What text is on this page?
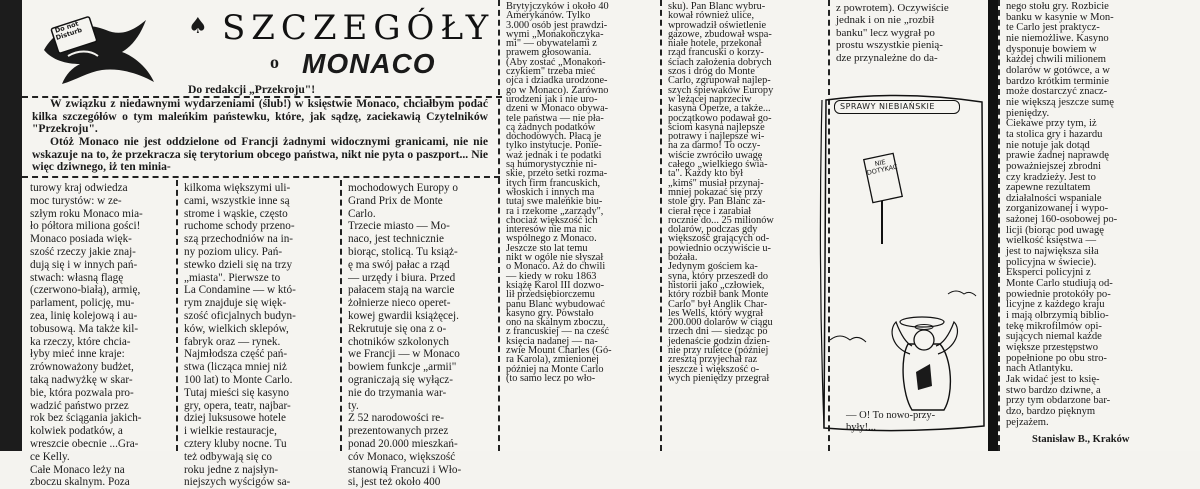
Do not Disturb	♠ SZCZEGÓŁY
o MONACO
Do redakcji „Przekroju"!
W związku z niedawnymi wydarzeniami (ślub!) w księstwie Monaco, chciałbym podać kilka szczegółów o tym maleńkim państewku, które, jak sądzę, zaciekawią Czytelników "Przekroju".
Otóż Monaco nie jest oddzielone od Francji żadnymi widocznymi granicami, nie nie wskazuje na to, że przekracza się terytorium obcego państwa, nikt nie pyta o paszport... Nie więc dziwnego, iż ten minia-
turowy kraj odwiedza
moc turystów: w ze-
szłym roku Monaco mia-
ło półtora miliona gości!
Monaco posiada więk-
szość rzeczy jakie znaj-
dują się i w innych pań-
stwach: własną flagę
(czerwono-białą), armię,
parlament, policję, mu-
zea, linię kolejową i au-
tobusową. Ma także kil-
ka rzeczy, które chcia-
łyby mieć inne kraje:
zrównoważony budżet,
taką nadwyżkę w skar-
bie, która pozwala pro-
wadzić państwo przez
rok bez ściągania jakich-
kolwiek podatków, a
wreszcie obecnie ...Gra-
ce Kelly.
Całe Monaco leży na
zboczu skalnym. Poza
kilkoma większymi uli-
cami, wszystkie inne są
strome i wąskie, często
ruchome schody przeno-
szą przechodniów na in-
ny poziom ulicy. Pań-
stewko dzieli się na trzy
„miasta". Pierwsze to
La Condamine — w któ-
rym znajduje się więk-
szość oficjalnych budyn-
ków, wielkich sklepów,
fabryk oraz — rynek.
Najmłodsza część pań-
stwa (licząca mniej niż
100 lat) to Monte Carlo.
Tutaj mieści się kasyno
gry, opera, teatr, najbar-
dziej luksusowe hotele
i wielkie restauracje,
cztery kluby nocne. Tu
też odbywają się co
roku jedne z najsłyn-
niejszych wyścigów sa-
mochodowych Europy o
Grand Prix de Monte
Carlo.
Trzecie miasto — Mo-
naco, jest technicznie
biorąc, stolicą. Tu książ-
ę ma swój pałac a rząd
— urzędy i biura. Przed
pałacem stają na warcie
żołnierze nieco operet-
kowej gwardii książęcej.
Rekrutuje się ona z o-
chotników szkolonych
we Francji — w Monaco
bowiem funkcje „armii"
ograniczają się wyłącz-
nie do trzymania war-
ty.
Z 52 narodowości re-
prezentowanych przez
ponad 20.000 mieszkań-
cóv Monaco, większość
stanowią Francuzi i Wło-
si, jest też około 400
Brytyjczyków i około 40
Amerykanów. Tylko
3.000 osób jest prawdzi-
wymi „Monakończyka-
mi" — obywatelami z
prawem głosowania.
(Aby zostać „Monakoń-
czykiem" trzeba mieć
ojca i dziadka urodzone-
go w Monaco). Zarówno
urodzeni jak i nie uro-
dzeni w Monaco obywa-
tele państwa — nie pła-
cą żadnych podatków
dochodowych. Płacą je
tylko instytucje. Ponie-
waż jednak i te podatki
są humorystycznie ni-
skie, przeto setki rozma-
itych firm francuskich,
włoskich i innych ma
tutaj swe maleńkie biu-
ra i rzekome „zarządy",
chociaż większość ich
interesów nie ma nic
wspólnego z Monaco.
Jeszcze sto lat temu
nikt w ogóle nie słyszał
o Monaco. Aż do chwili
— kiedy w roku 1863
książę Karol III dozwo-
lił przedsiębiorczemu
panu Blanc wybudować
kasyno gry. Powstało
ono na skalnym zboczu,
z francuskiej — na cześć
księcia nadanej — na-
zwie Mount Charles (Gó-
ra Karola), zmienionej
później na Monte Carlo
(to samo lecz po wło-
sku). Pan Blanc wybru-
kował również ulice,
wprowadził oświetlenie
gazowe, zbudował wspa-
niałe hotele, przekonał
rząd francuski o korzy-
ściach założenia dobrych
szos i dróg do Monte
Carlo, zgrupował najlep-
szych śpiewaków Europy
w leżącej naprzeciw
kasyna Operze, a także...
początkowo podawał go-
ściom kasyna najlepsze
potrawy i najlepsze wi-
na za darmo! To oczy-
wiście zwróciło uwagę
całego „wielkiego świa-
ta". Każdy kto był
„kimś" musiał przynaj-
mniej pokazać się przy
stole gry. Pan Blanc za-
cierał ręce i zarabiał
rocznie do... 25 milionów
dolarów, podczas gdy
większość grających od-
powiednio oczywiście u-
bożała.
Jedynym gościem ka-
syna, który przeszedł do
historii jako „człowiek,
który rozbił bank Monte
Carlo" był Anglik Char-
les Wells, który wygrał
200.000 dolarów w ciągu
trzech dni — siedząc po
jedenaście godzin dzien-
nie przy ruletce (później
zresztą przyjechał raz
jeszcze i większość o-
wych pieniędzy przegrał
z powrotem). Oczywiście
jednak i on nie „rozbił
banku" lecz wygrał po
prostu wszystkie pienią-
dze przynależne do da-
SPRAWY NIEBIAŃSKIE
NIE
DOTYKAĆ
— O! To nowo-przy-
były!...
nego stołu gry. Rozbicie
banku w kasynie w Mon-
te Carlo jest praktycz-
nie niemożliwe. Kasyno
dysponuje bowiem w
każdej chwili milionem
dolarów w gotówce, a w
bardzo krótkim terminie
może dostarczyć znacz-
nie większą jeszcze sumę
pieniędzy.
Ciekawe przy tym, iż
ta stolica gry i hazardu
nie notuje jak dotąd
prawie żadnej naprawdę
poważniejszej zbrodni
czy kradzieży. Jest to
zapewne rezultatem
działalności wspaniale
zorganizowanej i wypo-
sażonej 160-osobowej po-
licji (biorąc pod uwagę
wielkość księstwa —
jest to największa siła
policyjna w świecie).
Eksperci policyjni z
Monte Carlo studiują od-
powiednie protokóły po-
licyjne z każdego kraju
i mają olbrzymią biblio-
tekę mikrofilmów opi-
sujących niemal każde
większe przestępstwo
popełnione po obu stro-
nach Atlantyku.
Jak widać jest to księ-
stwo bardzo dziwne, a
przy tym obdarzone bar-
dzo, bardzo pięknym
pejzażem.
Stanisław B., Kraków
